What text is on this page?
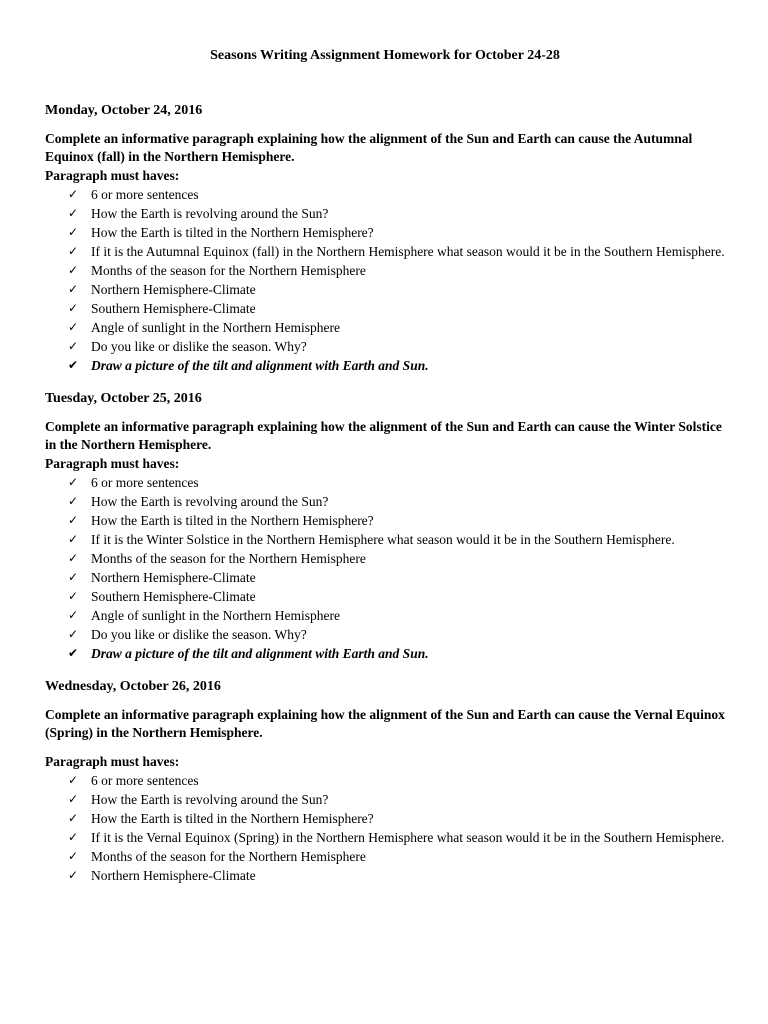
Seasons Writing Assignment Homework for October 24-28

Monday, October 24, 2016

Complete an informative paragraph explaining how the alignment of the Sun and Earth can cause the Autumnal Equinox (fall) in the Northern Hemisphere.

Paragraph must haves:

✓ 6 or more sentences
✓ How the Earth is revolving around the Sun?
✓ How the Earth is tilted in the Northern Hemisphere?
✓ If it is the Autumnal Equinox (fall) in the Northern Hemisphere what season would it be in the Southern Hemisphere.
✓ Months of the season for the Northern Hemisphere
✓ Northern Hemisphere-Climate
✓ Southern Hemisphere-Climate
✓ Angle of sunlight in the Northern Hemisphere
✓ Do you like or dislike the season. Why?
✔ Draw a picture of the tilt and alignment with Earth and Sun.

Tuesday, October 25, 2016

Complete an informative paragraph explaining how the alignment of the Sun and Earth can cause the Winter Solstice in the Northern Hemisphere.

Paragraph must haves:

✓ 6 or more sentences
✓ How the Earth is revolving around the Sun?
✓ How the Earth is tilted in the Northern Hemisphere?
✓ If it is the Winter Solstice in the Northern Hemisphere what season would it be in the Southern Hemisphere.
✓ Months of the season for the Northern Hemisphere
✓ Northern Hemisphere-Climate
✓ Southern Hemisphere-Climate
✓ Angle of sunlight in the Northern Hemisphere
✓ Do you like or dislike the season. Why?
✔ Draw a picture of the tilt and alignment with Earth and Sun.

Wednesday, October 26, 2016

Complete an informative paragraph explaining how the alignment of the Sun and Earth can cause the Vernal Equinox (Spring) in the Northern Hemisphere.

Paragraph must haves:

✓ 6 or more sentences
✓ How the Earth is revolving around the Sun?
✓ How the Earth is tilted in the Northern Hemisphere?
✓ If it is the Vernal Equinox (Spring) in the Northern Hemisphere what season would it be in the Southern Hemisphere.
✓ Months of the season for the Northern Hemisphere
✓ Northern Hemisphere-Climate
